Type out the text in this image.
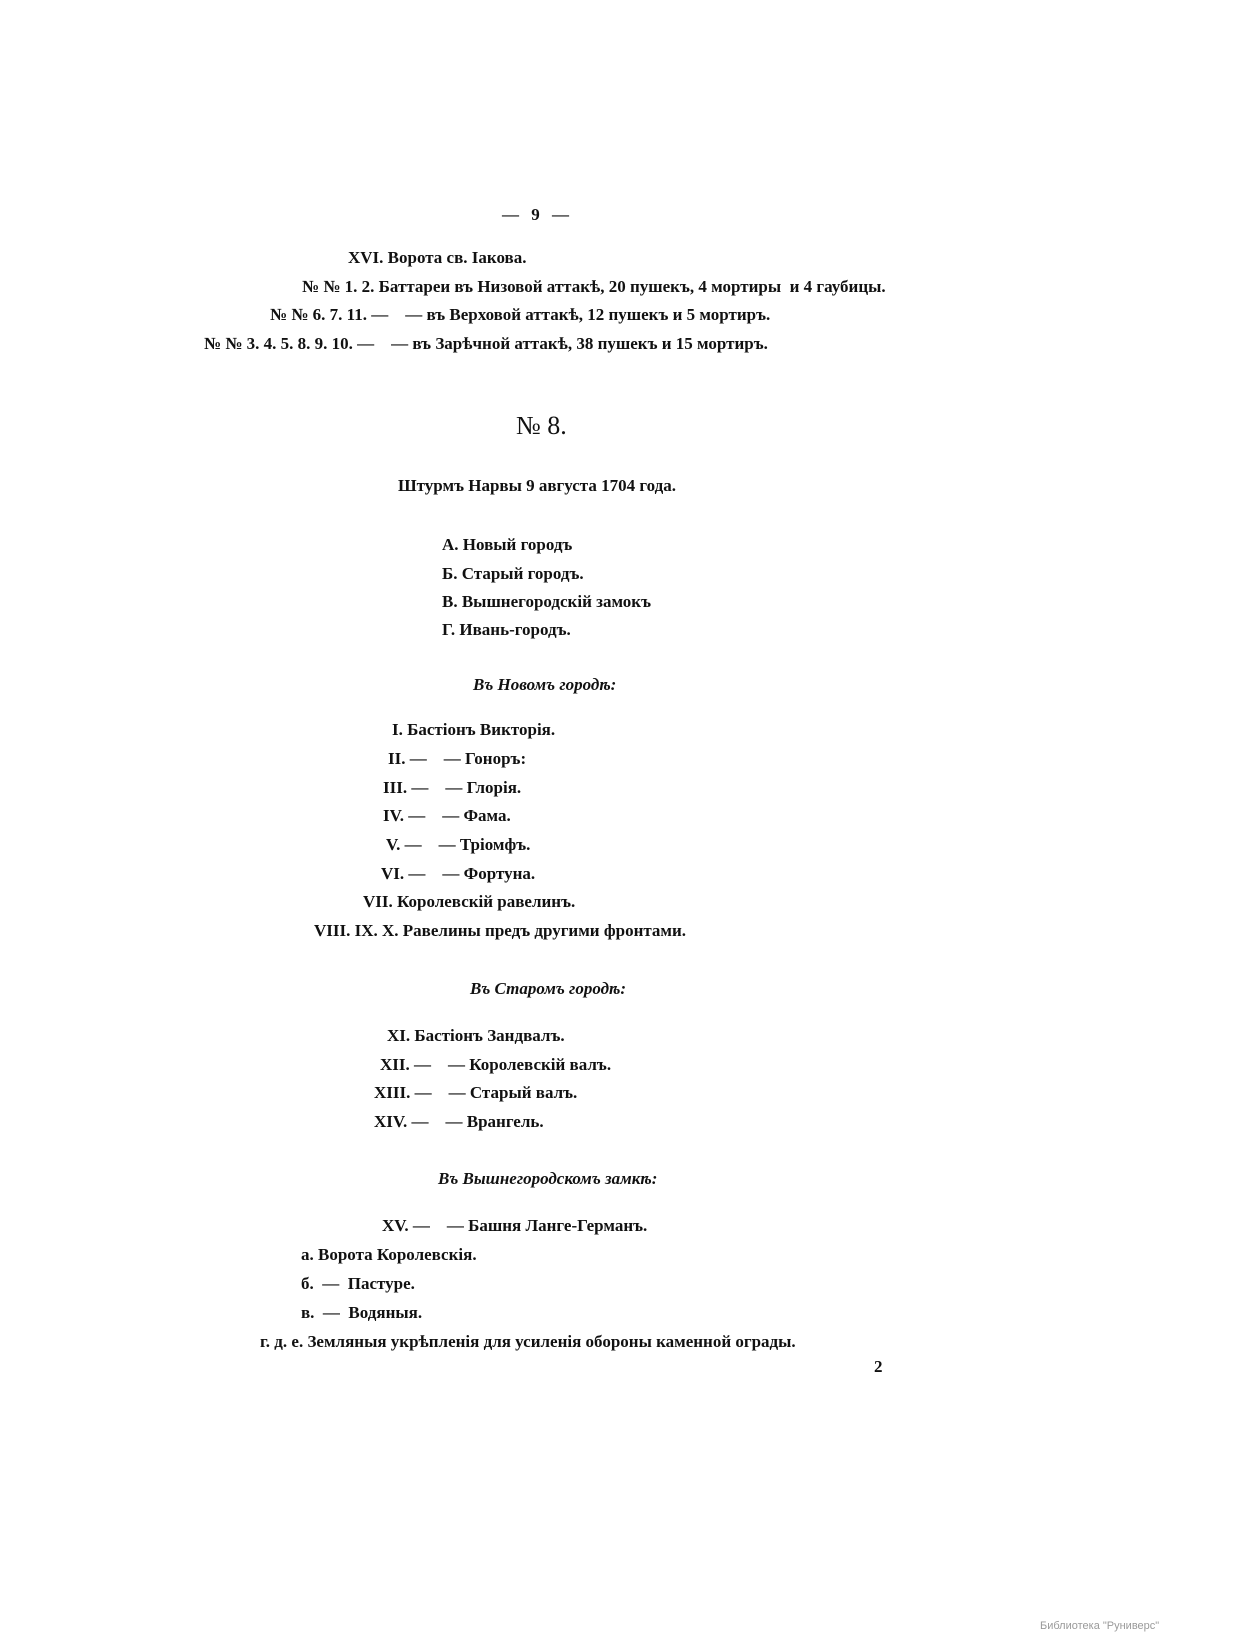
— 9 —
XVI. Ворота св. Іакова.
№ № 1. 2. Баттареи въ Низовой аттакѣ, 20 пушекъ, 4 мортиры  и 4 гаубицы.
№ № 6. 7. 11. —    — въ Верховой аттакѣ, 12 пушекъ и 5 мортиръ.
№ № 3. 4. 5. 8. 9. 10. —    — въ Зарѣчной аттакѣ, 38 пушекъ и 15 мортиръ.
№ 8.
Штурмъ Нарвы 9 августа 1704 года.
А. Новый городъ
Б. Старый городъ.
В. Вышнегородскій замокъ
Г. Ивань-городъ.
Въ Новомъ городѣ:
I. Бастіонъ Викторія.
II. —    — Гоноръ:
III. —    — Глорія.
IV. —    — Фама.
V. —    — Тріомфъ.
VI. —    — Фортуна.
VII. Королевскій равелинъ.
VIII. IX. X. Равелины предъ другими фронтами.
Въ Старомъ городѣ:
XI. Бастіонъ Зандвалъ.
XII. —    — Королевскій валъ.
XIII. —    — Старый валъ.
XIV. —    — Врангель.
Въ Вышнегородскомъ замкѣ:
XV. —    — Башня Ланге-Германъ.
а. Ворота Королевскія.
б.  —  Пастуре.
в.  —  Водяныя.
г. д. е. Земляныя укрѣпленія для усиленія обороны каменной ограды.
2
Библиотека "Руниверс"
